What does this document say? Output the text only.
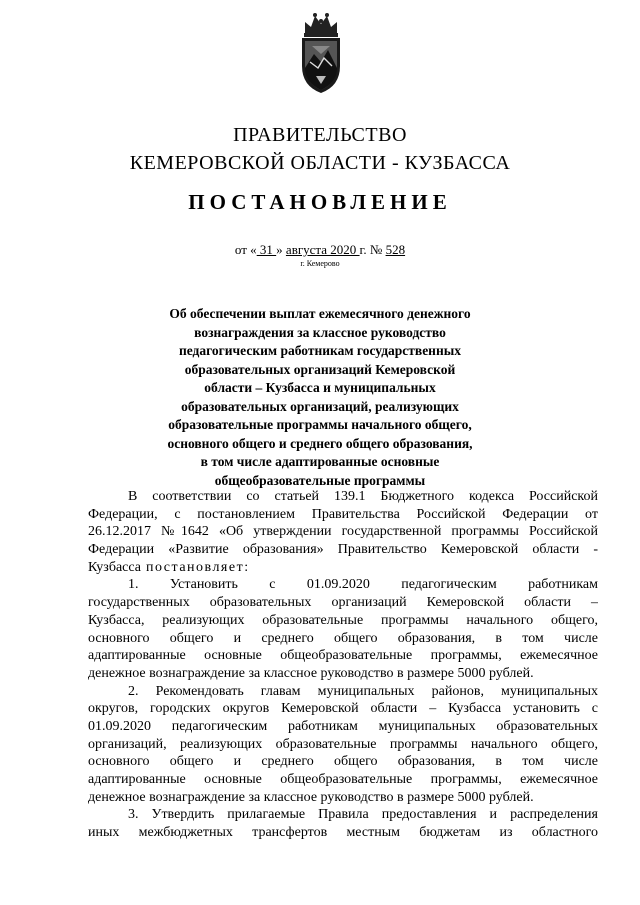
ПРАВИТЕЛЬСТВО
КЕМЕРОВСКОЙ ОБЛАСТИ - КУЗБАССА
ПОСТАНОВЛЕНИЕ
от « 31 » августа 2020 г. № 528
г. Кемерово
Об обеспечении выплат ежемесячного денежного
вознаграждения за классное руководство
педагогическим работникам государственных
образовательных организаций Кемеровской
области – Кузбасса и муниципальных
образовательных организаций, реализующих
образовательные программы начального общего,
основного общего и среднего общего образования,
в том числе адаптированные основные
общеобразовательные программы
В соответствии со статьей 139.1 Бюджетного кодекса Российской
Федерации, с постановлением Правительства Российской Федерации от
26.12.2017 №1642 «Об утверждении государственной программы Российской
Федерации «Развитие образования» Правительство Кемеровской области -
Кузбасса постановляет:
1. Установить с 01.09.2020 педагогическим работникам
государственных образовательных организаций Кемеровской области –
Кузбасса, реализующих образовательные программы начального общего,
основного общего и среднего общего образования, в том числе
адаптированные основные общеобразовательные программы, ежемесячное
денежное вознаграждение за классное руководство в размере 5000 рублей.
2. Рекомендовать главам муниципальных районов, муниципальных
округов, городских округов Кемеровской области – Кузбасса установить с
01.09.2020 педагогическим работникам муниципальных образовательных
организаций, реализующих образовательные программы начального общего,
основного общего и среднего общего образования, в том числе
адаптированные основные общеобразовательные программы, ежемесячное
денежное вознаграждение за классное руководство в размере 5000 рублей.
3. Утвердить прилагаемые Правила предоставления и распределения
иных межбюджетных трансфертов местным бюджетам из областного
